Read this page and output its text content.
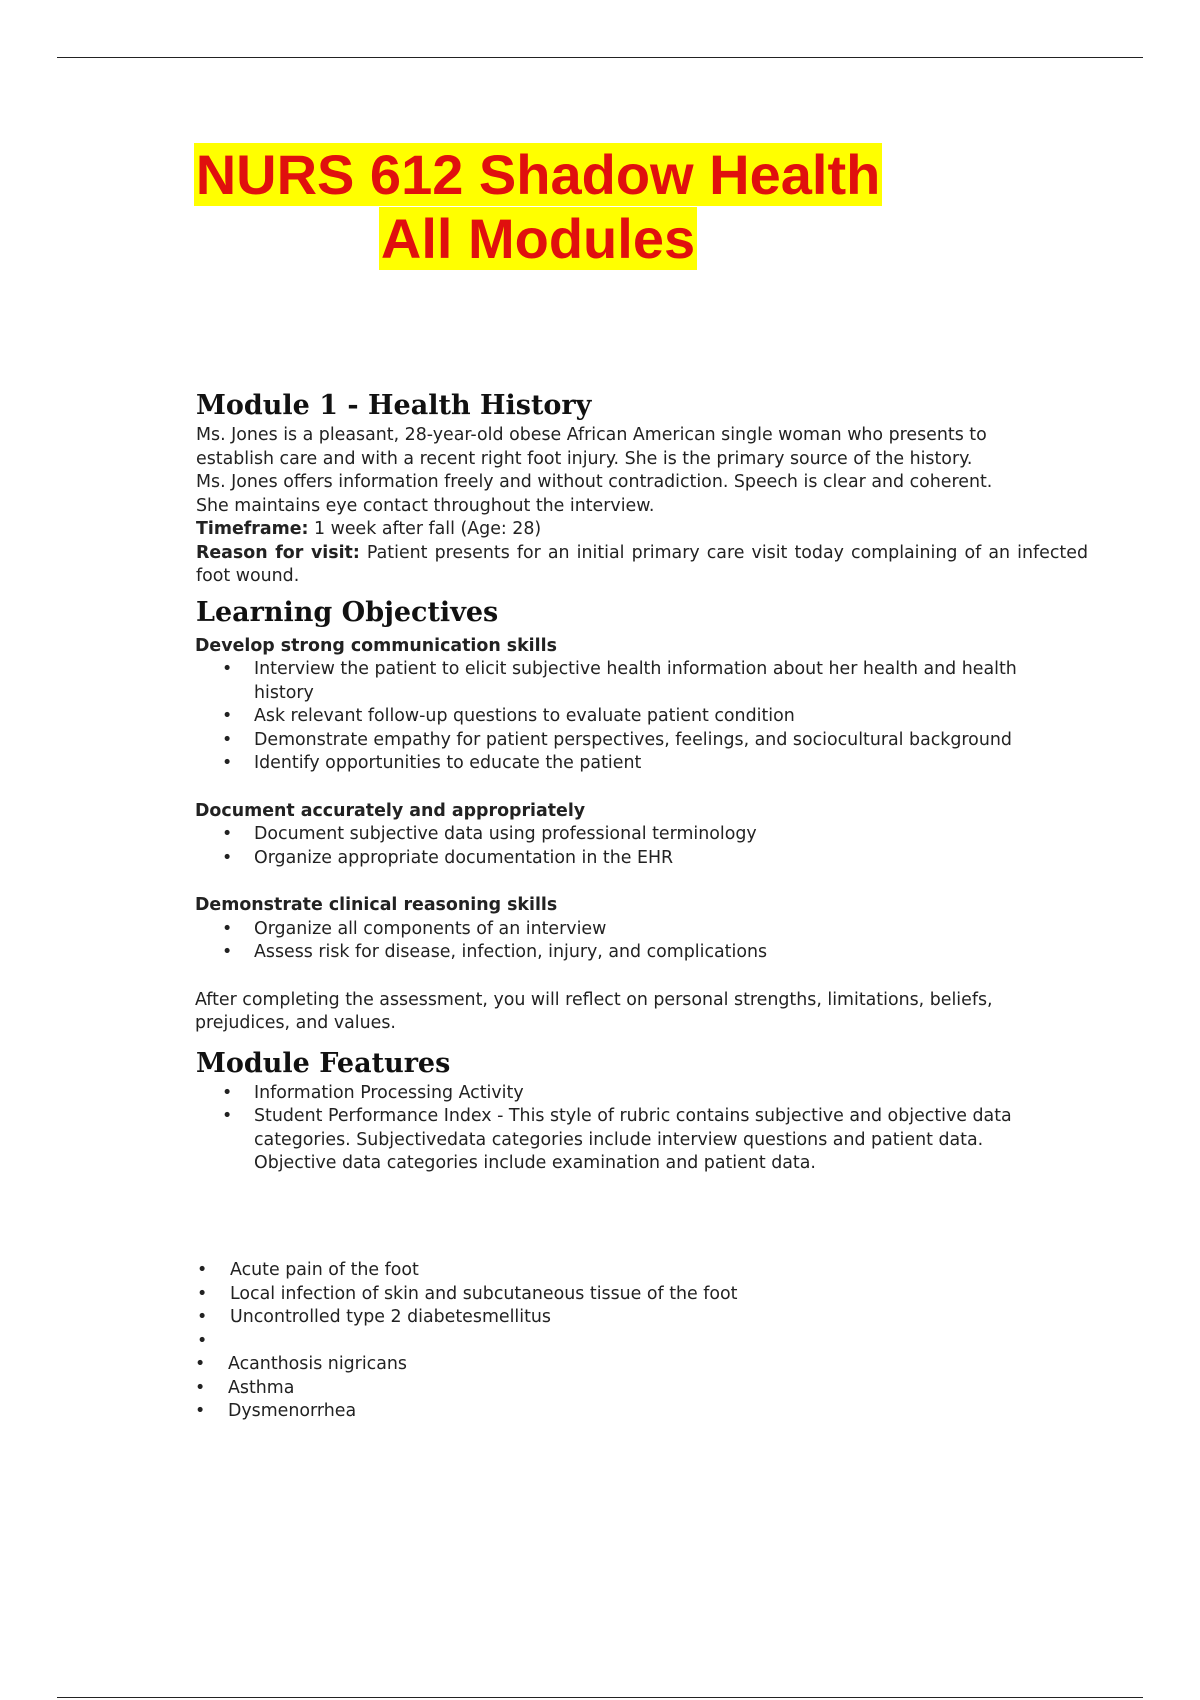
NURS 612 Shadow Health
All Modules
Module 1 - Health History

Ms. Jones is a pleasant, 28-year-old obese African American single woman who presents to establish care and with a recent right foot injury. She is the primary source of the history. Ms. Jones offers information freely and without contradiction. Speech is clear and coherent. She maintains eye contact throughout the interview.

Timeframe: 1 week after fall (Age: 28)

Reason for visit: Patient presents for an initial primary care visit today complaining of an infected foot wound.

Learning Objectives
Develop strong communication skills
• Interview the patient to elicit subjective health information about her health and health history
• Ask relevant follow-up questions to evaluate patient condition
• Demonstrate empathy for patient perspectives, feelings, and sociocultural background
• Identify opportunities to educate the patient
Document accurately and appropriately
• Document subjective data using professional terminology
• Organize appropriate documentation in the EHR
Demonstrate clinical reasoning skills
• Organize all components of an interview
• Assess risk for disease, infection, injury, and complications

After completing the assessment, you will reflect on personal strengths, limitations, beliefs, prejudices, and values.

Module Features
• Information Processing Activity
• Student Performance Index - This style of rubric contains subjective and objective data categories. Subjectivedata categories include interview questions and patient data. Objective data categories include examination and patient data.
• Acute pain of the foot
• Local infection of skin and subcutaneous tissue of the foot
• Uncontrolled type 2 diabetesmellitus
•
• Acanthosis nigricans
• Asthma
• Dysmenorrhea
